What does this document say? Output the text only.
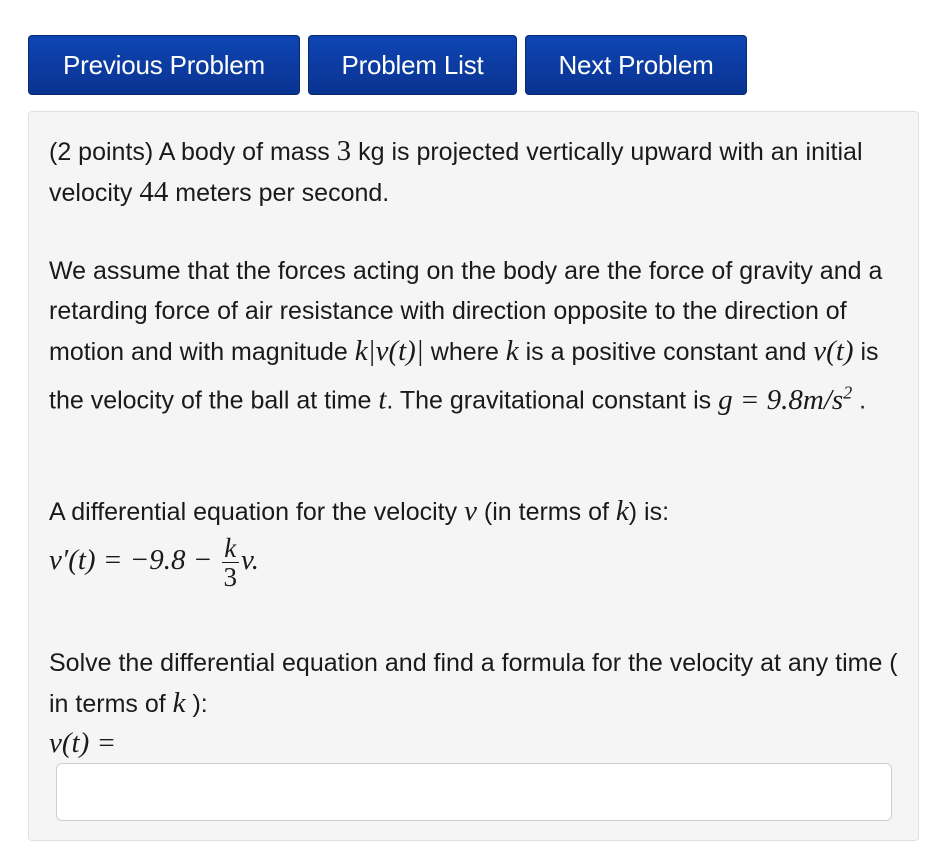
Previous Problem	Problem List	Next Problem
(2 points) A body of mass 3 kg is projected vertically upward with an initial velocity 44 meters per second.
We assume that the forces acting on the body are the force of gravity and a retarding force of air resistance with direction opposite to the direction of motion and with magnitude k|v(t)| where k is a positive constant and v(t) is the velocity of the ball at time t. The gravitational constant is $g = 9.8m/s^2$ .
A differential equation for the velocity v (in terms of k) is:
$v'(t) = -9.8 - \frac{k}{3} v$.
Solve the differential equation and find a formula for the velocity at any time ( in terms of k ):
v(t) =
